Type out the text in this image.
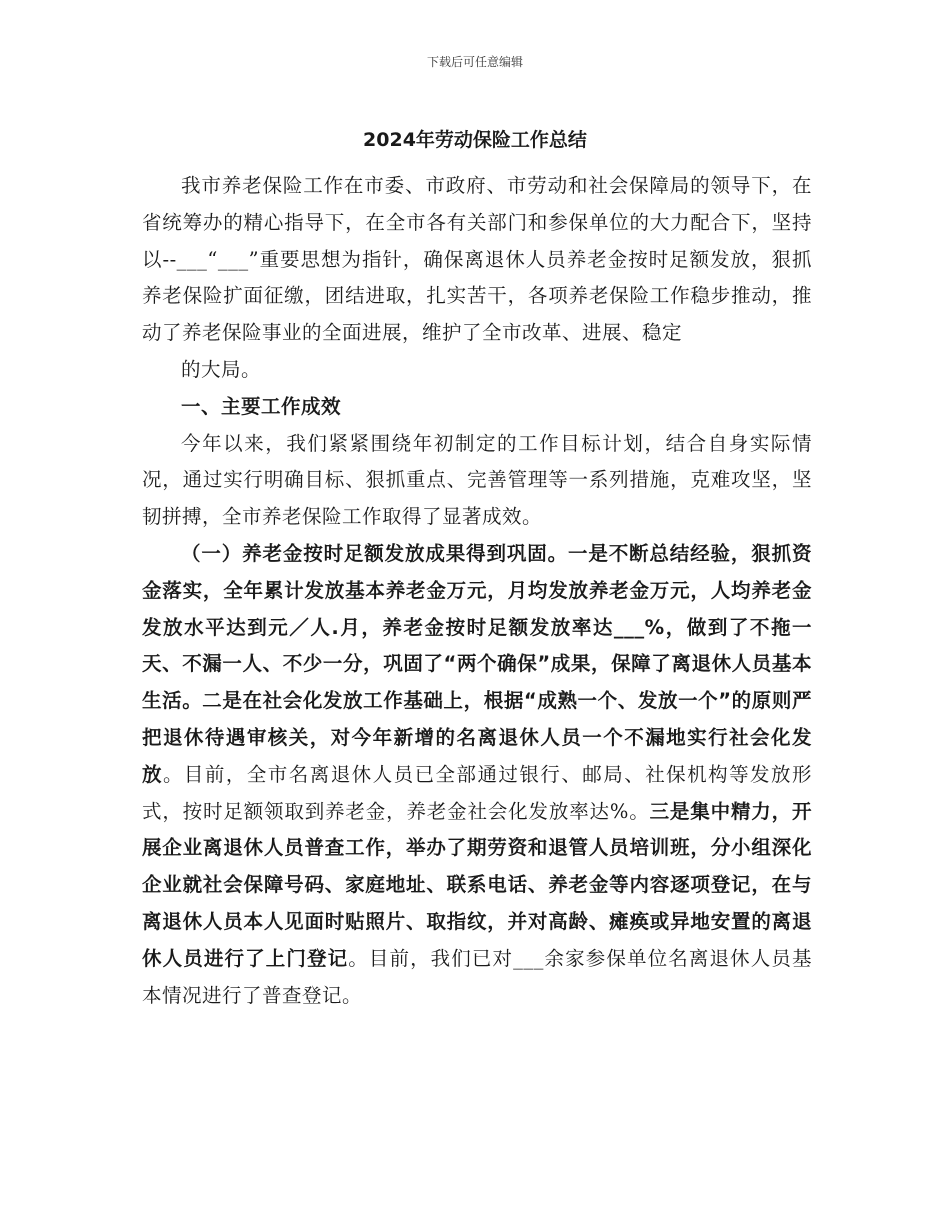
下载后可任意编辑
2024年劳动保险工作总结

我市养老保险工作在市委、市政府、市劳动和社会保障局的领导下，在省统筹办的精心指导下，在全市各有关部门和参保单位的大力配合下，坚持以--___“___”重要思想为指针，确保离退休人员养老金按时足额发放，狠抓养老保险扩面征缴，团结进取，扎实苦干，各项养老保险工作稳步推动，推动了养老保险事业的全面进展，维护了全市改革、进展、稳定

的大局。

一、主要工作成效

今年以来，我们紧紧围绕年初制定的工作目标计划，结合自身实际情况，通过实行明确目标、狠抓重点、完善管理等一系列措施，克难攻坚，坚韧拼搏，全市养老保险工作取得了显著成效。

（一）养老金按时足额发放成果得到巩固。一是不断总结经验，狠抓资金落实，全年累计发放基本养老金万元，月均发放养老金万元，人均养老金发放水平达到元／人.月，养老金按时足额发放率达___%，做到了不拖一天、不漏一人、不少一分，巩固了“两个确保”成果，保障了离退休人员基本生活。二是在社会化发放工作基础上，根据“成熟一个、发放一个”的原则严把退休待遇审核关，对今年新增的名离退休人员一个不漏地实行社会化发放。目前，全市名离退休人员已全部通过银行、邮局、社保机构等发放形式，按时足额领取到养老金，养老金社会化发放率达%。三是集中精力，开展企业离退休人员普查工作，举办了期劳资和退管人员培训班，分小组深化企业就社会保障号码、家庭地址、联系电话、养老金等内容逐项登记，在与离退休人员本人见面时贴照片、取指纹，并对高龄、瘫痪或异地安置的离退休人员进行了上门登记。目前，我们已对___余家参保单位名离退休人员基本情况进行了普查登记。
